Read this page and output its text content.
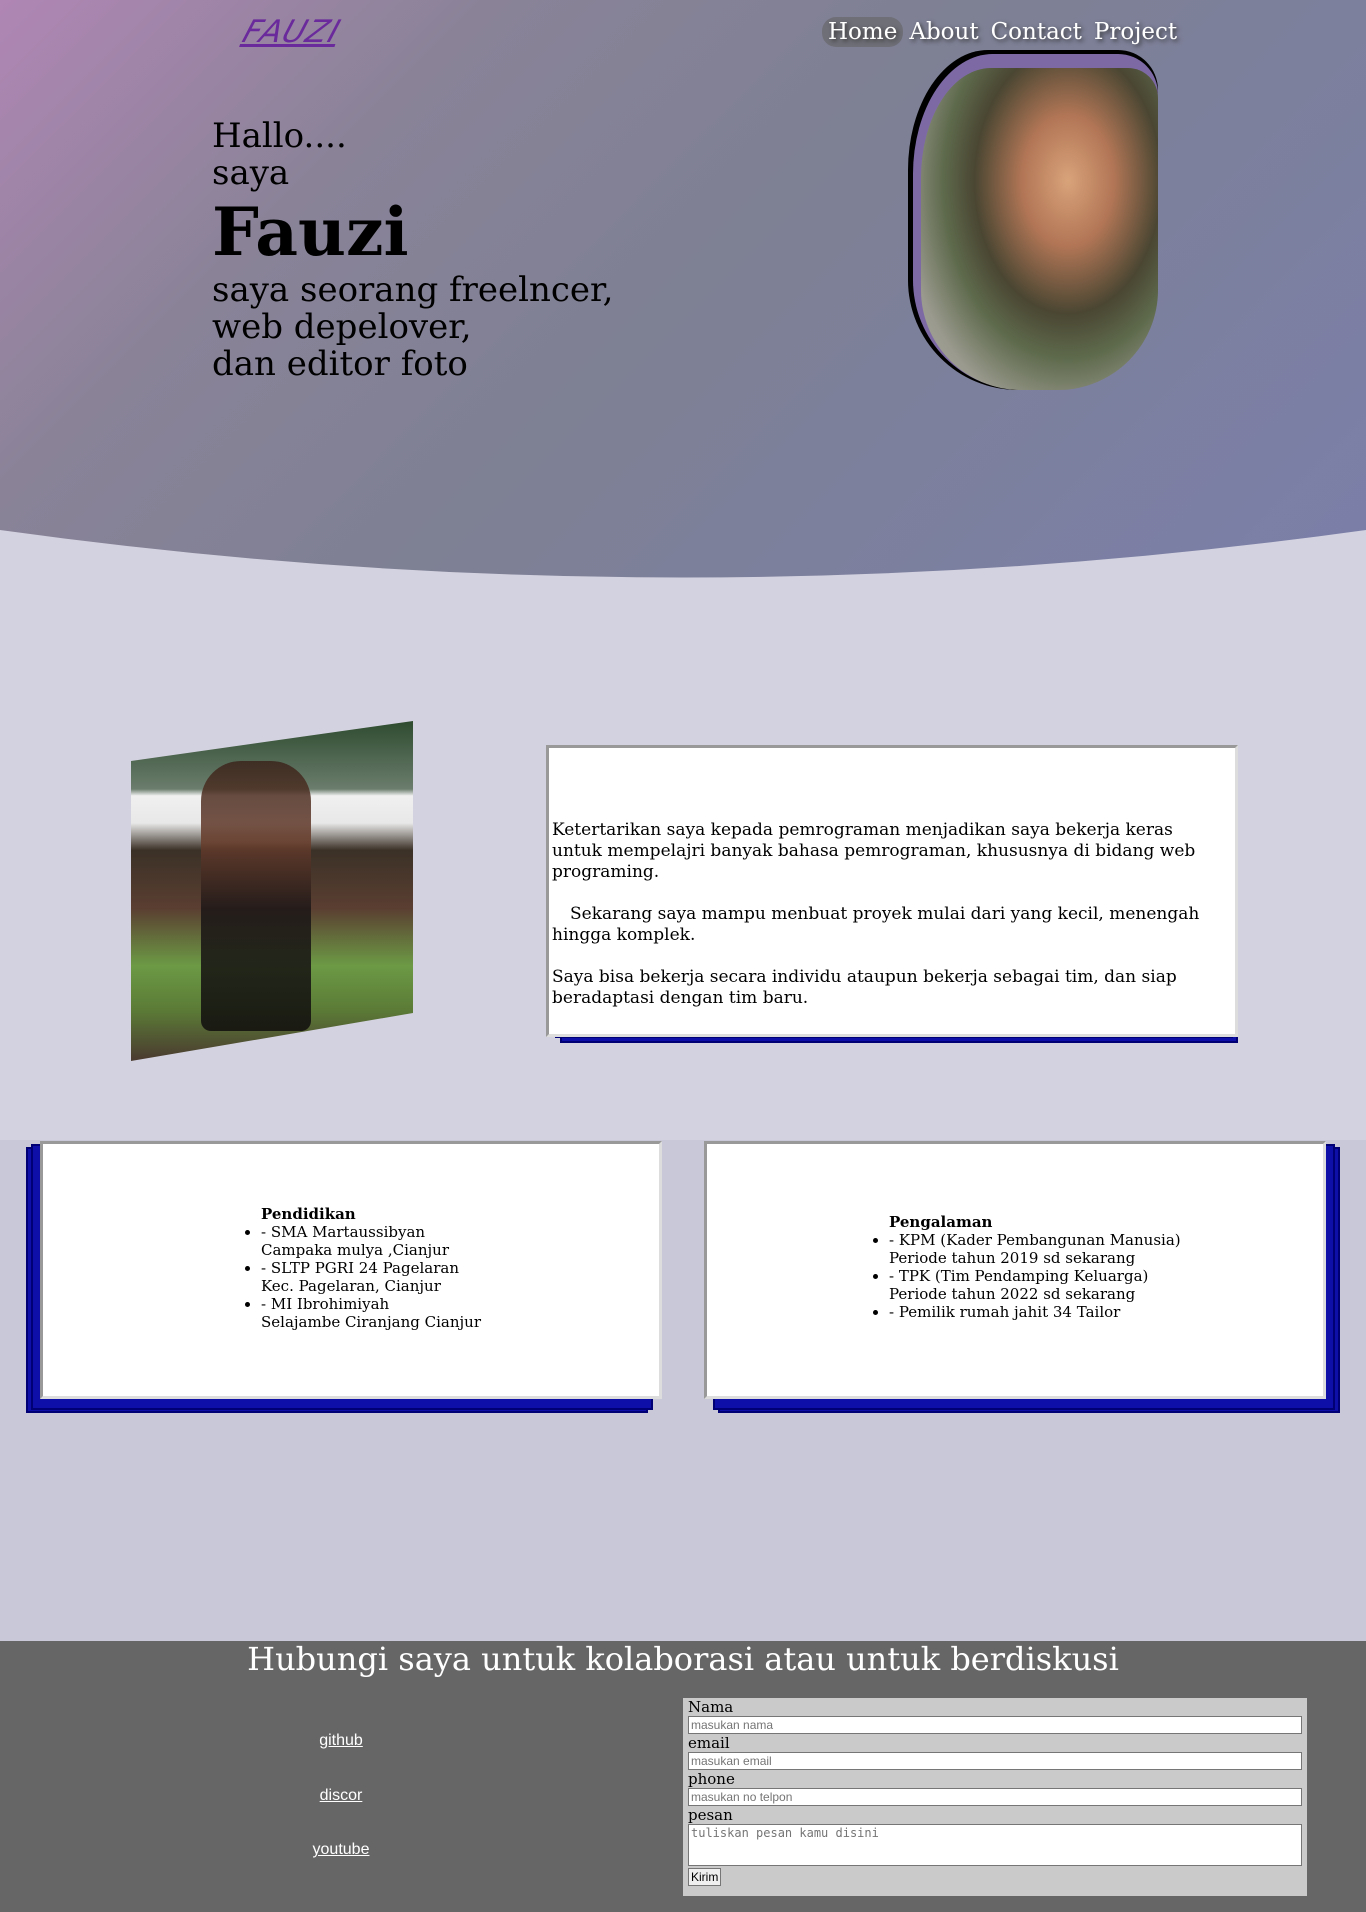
FAUZI	Home About Contact Project
Hallo....
saya
Fauzi
saya seorang freelncer,
web depelover,
dan editor foto

Ketertarikan saya kepada pemrograman menjadikan saya bekerja keras untuk mempelajri banyak bahasa pemrograman, khususnya di bidang web programing.

Sekarang saya mampu menbuat proyek mulai dari yang kecil, menengah hingga komplek.

Saya bisa bekerja secara individu ataupun bekerja sebagai tim, dan siap beradaptasi dengan tim baru.

Pendidikan
• - SMA Martaussibyan
Campaka mulya ,Cianjur
• - SLTP PGRI 24 Pagelaran
Kec. Pagelaran, Cianjur
• - MI Ibrohimiyah
Selajambe Ciranjang Cianjur
Pengalaman
• - KPM (Kader Pembangunan Manusia)
Periode tahun 2019 sd sekarang
• - TPK (Tim Pendamping Keluarga)
Periode tahun 2022 sd sekarang
• - Pemilik rumah jahit 34 Tailor
Hubungi saya untuk kolaborasi atau untuk berdiskusi
github
discor
youtube
Nama
masukan nama
email
masukan email
phone
masukan no telpon
pesan
tuliskan pesan kamu disini Kirim
